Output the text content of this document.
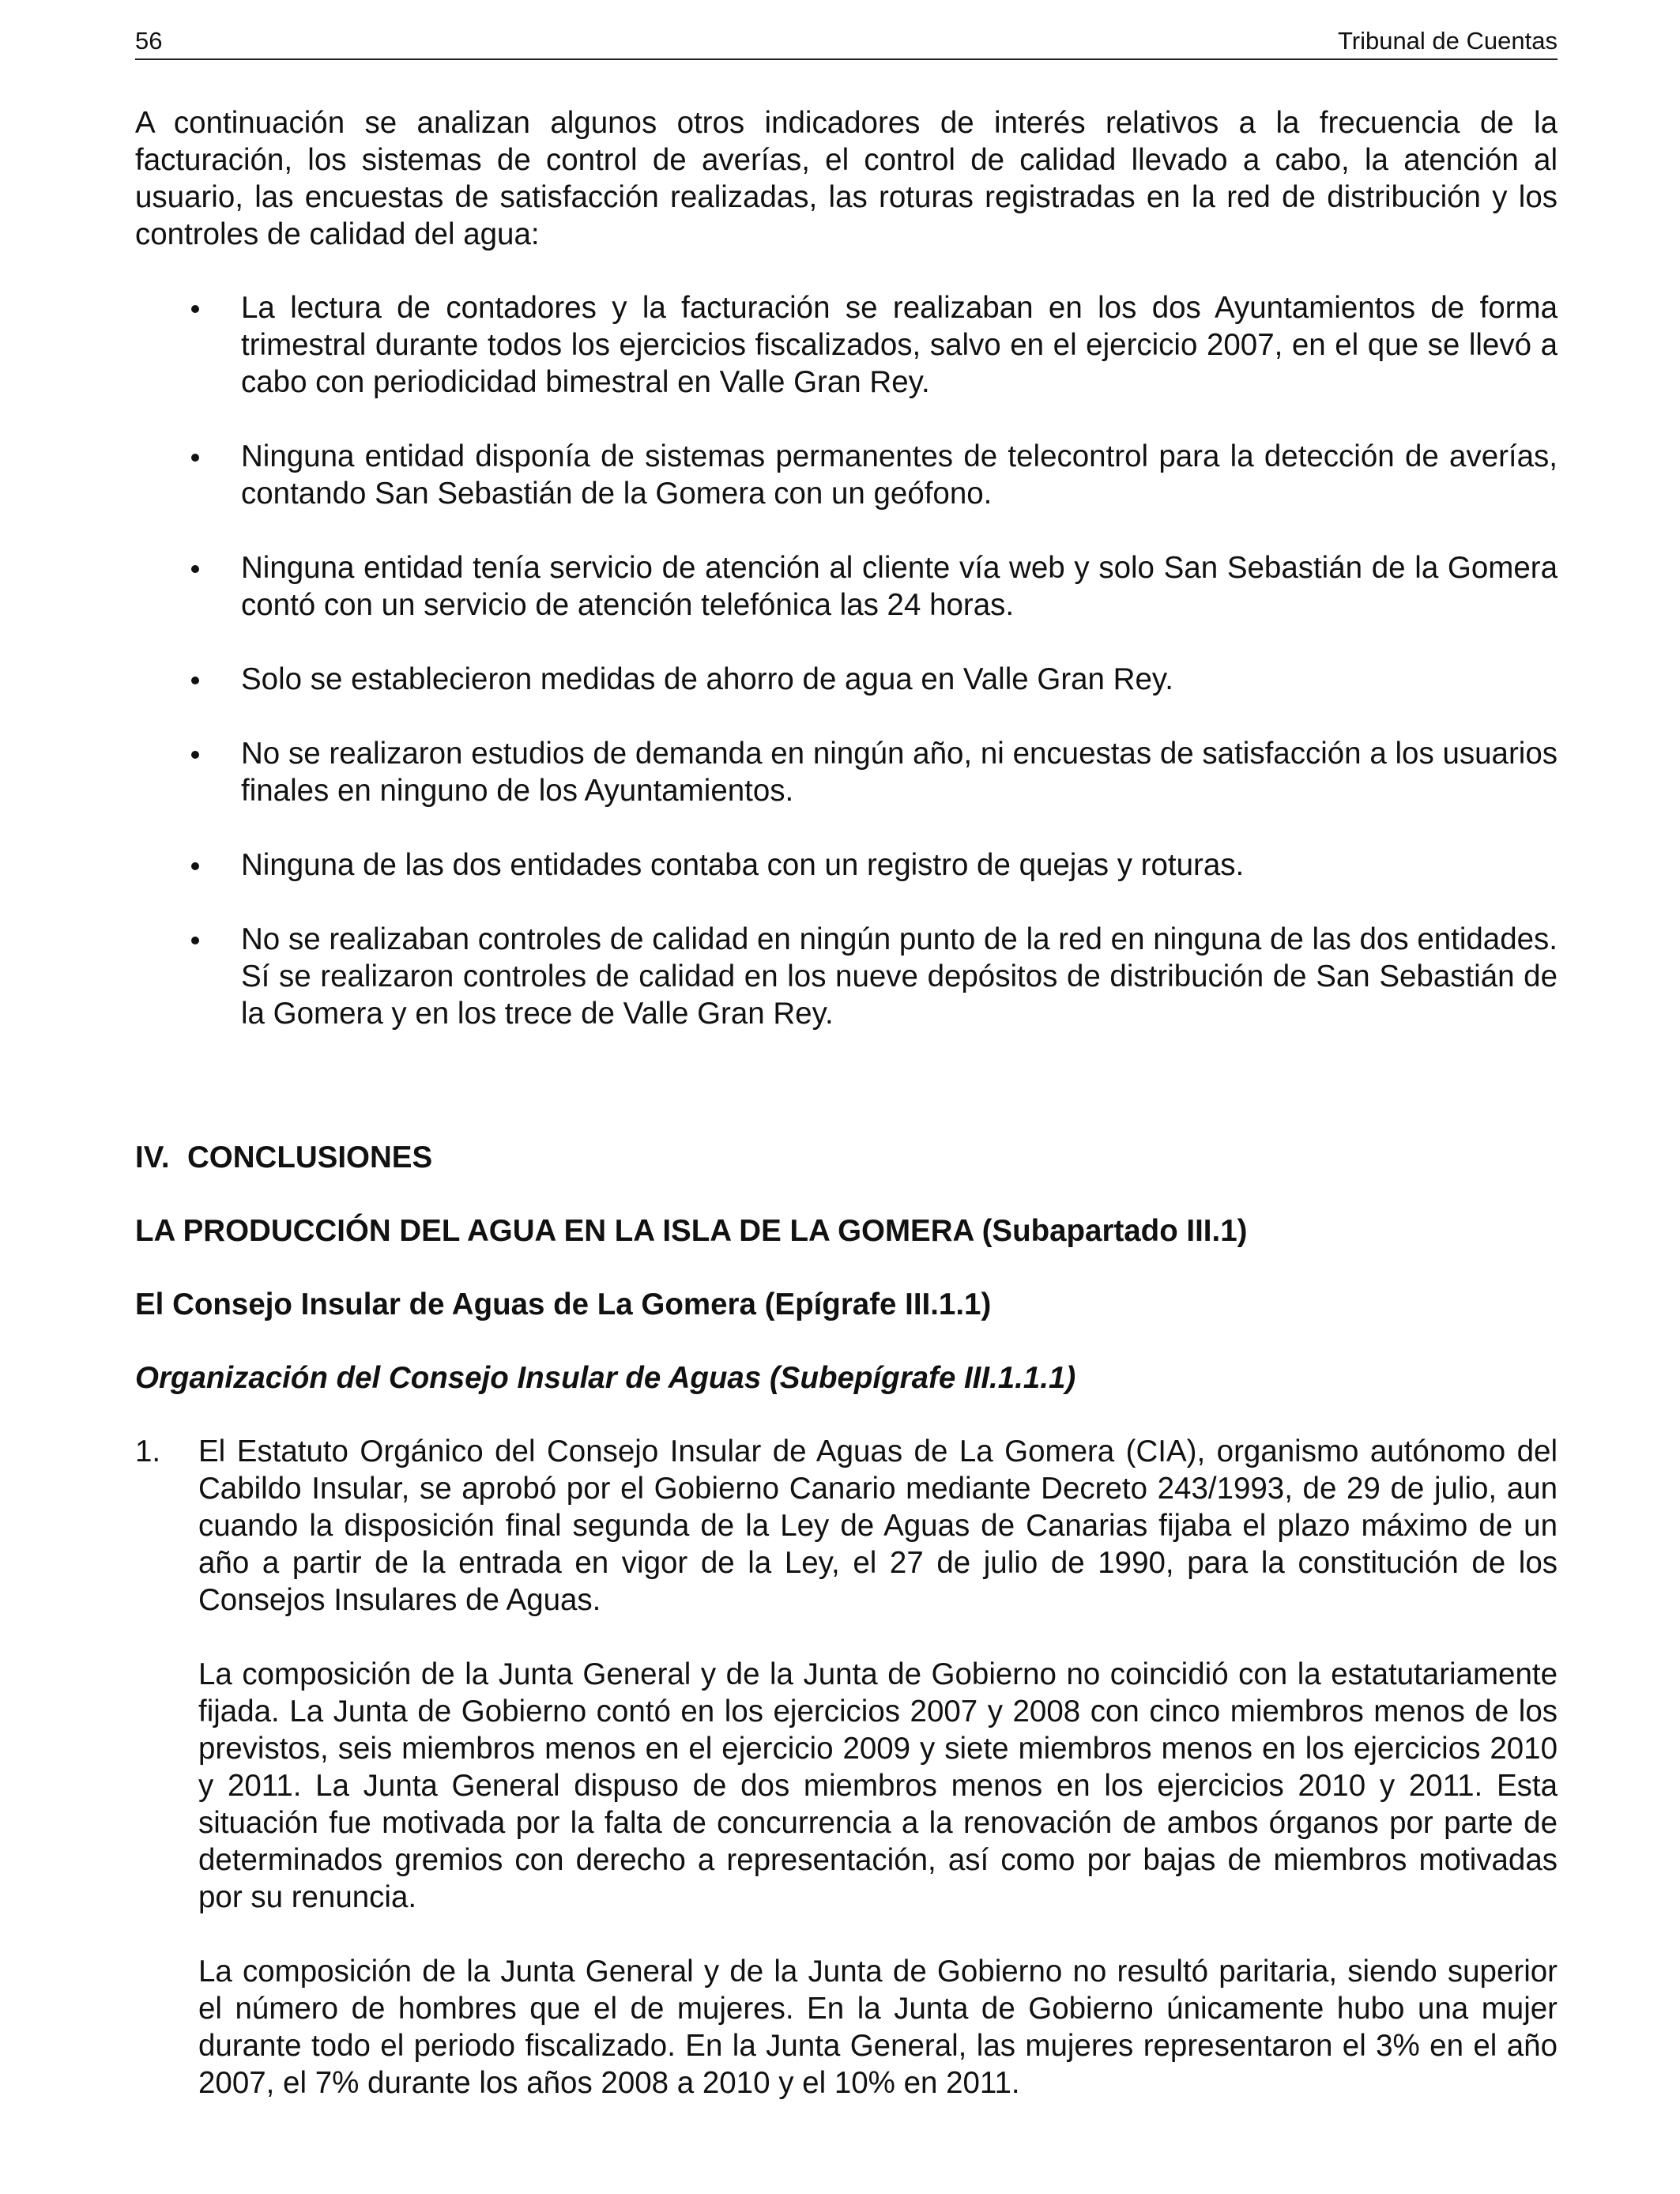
56	Tribunal de Cuentas

A continuación se analizan algunos otros indicadores de interés relativos a la frecuencia de la facturación, los sistemas de control de averías, el control de calidad llevado a cabo, la atención al usuario, las encuestas de satisfacción realizadas, las roturas registradas en la red de distribución y los controles de calidad del agua:

La lectura de contadores y la facturación se realizaban en los dos Ayuntamientos de forma trimestral durante todos los ejercicios fiscalizados, salvo en el ejercicio 2007, en el que se llevó a cabo con periodicidad bimestral en Valle Gran Rey.
Ninguna entidad disponía de sistemas permanentes de telecontrol para la detección de averías, contando San Sebastián de la Gomera con un geófono.
Ninguna entidad tenía servicio de atención al cliente vía web y solo San Sebastián de la Gomera contó con un servicio de atención telefónica las 24 horas.
Solo se establecieron medidas de ahorro de agua en Valle Gran Rey.
No se realizaron estudios de demanda en ningún año, ni encuestas de satisfacción a los usuarios finales en ninguno de los Ayuntamientos.
Ninguna de las dos entidades contaba con un registro de quejas y roturas.
No se realizaban controles de calidad en ningún punto de la red en ninguna de las dos entidades. Sí se realizaron controles de calidad en los nueve depósitos de distribución de San Sebastián de la Gomera y en los trece de Valle Gran Rey.
IV. CONCLUSIONES

LA PRODUCCIÓN DEL AGUA EN LA ISLA DE LA GOMERA (Subapartado III.1)

El Consejo Insular de Aguas de La Gomera (Epígrafe III.1.1)

Organización del Consejo Insular de Aguas (Subepígrafe III.1.1.1)

1. El Estatuto Orgánico del Consejo Insular de Aguas de La Gomera (CIA), organismo autónomo del Cabildo Insular, se aprobó por el Gobierno Canario mediante Decreto 243/1993, de 29 de julio, aun cuando la disposición final segunda de la Ley de Aguas de Canarias fijaba el plazo máximo de un año a partir de la entrada en vigor de la Ley, el 27 de julio de 1990, para la constitución de los Consejos Insulares de Aguas.

La composición de la Junta General y de la Junta de Gobierno no coincidió con la estatutariamente fijada. La Junta de Gobierno contó en los ejercicios 2007 y 2008 con cinco miembros menos de los previstos, seis miembros menos en el ejercicio 2009 y siete miembros menos en los ejercicios 2010 y 2011. La Junta General dispuso de dos miembros menos en los ejercicios 2010 y 2011. Esta situación fue motivada por la falta de concurrencia a la renovación de ambos órganos por parte de determinados gremios con derecho a representación, así como por bajas de miembros motivadas por su renuncia.

La composición de la Junta General y de la Junta de Gobierno no resultó paritaria, siendo superior el número de hombres que el de mujeres. En la Junta de Gobierno únicamente hubo una mujer durante todo el periodo fiscalizado. En la Junta General, las mujeres representaron el 3% en el año 2007, el 7% durante los años 2008 a 2010 y el 10% en 2011.
